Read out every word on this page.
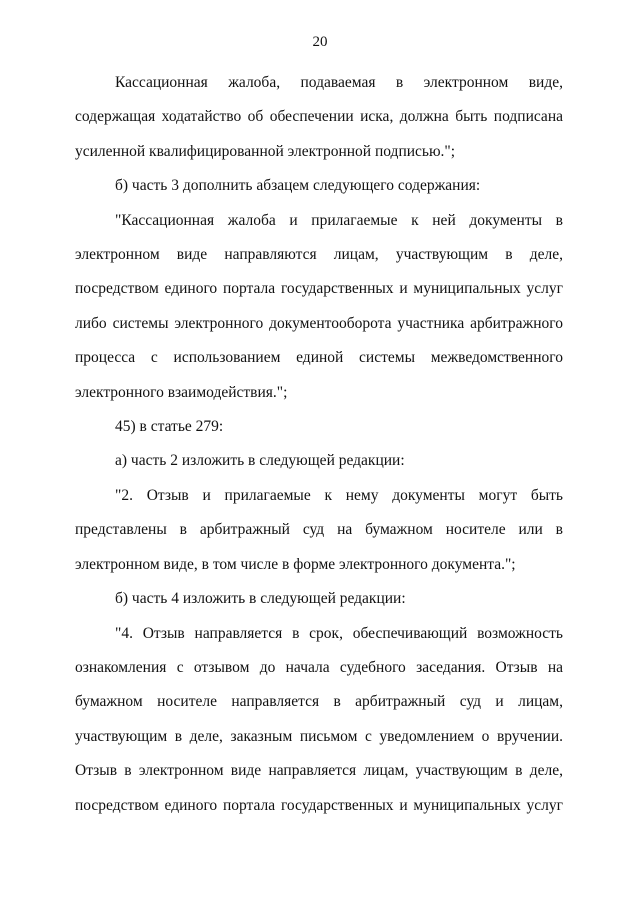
20

Кассационная жалоба, подаваемая в электронном виде, содержащая ходатайство об обеспечении иска, должна быть подписана усиленной квалифицированной электронной подписью.";

б) часть 3 дополнить абзацем следующего содержания:

"Кассационная жалоба и прилагаемые к ней документы в электронном виде направляются лицам, участвующим в деле, посредством единого портала государственных и муниципальных услуг либо системы электронного документооборота участника арбитражного процесса с использованием единой системы межведомственного электронного взаимодействия.";

45) в статье 279:

а) часть 2 изложить в следующей редакции:

"2. Отзыв и прилагаемые к нему документы могут быть представлены в арбитражный суд на бумажном носителе или в электронном виде, в том числе в форме электронного документа.";

б) часть 4 изложить в следующей редакции:

"4. Отзыв направляется в срок, обеспечивающий возможность ознакомления с отзывом до начала судебного заседания. Отзыв на бумажном носителе направляется в арбитражный суд и лицам, участвующим в деле, заказным письмом с уведомлением о вручении. Отзыв в электронном виде направляется лицам, участвующим в деле, посредством единого портала государственных и муниципальных услуг
